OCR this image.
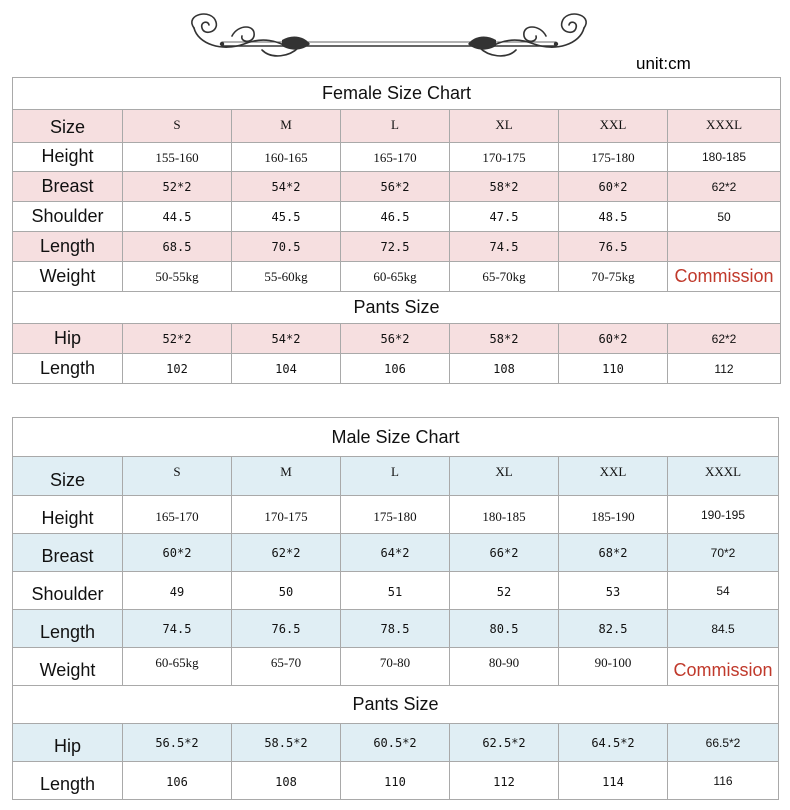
unit:cm
Female Size Chart						
Size	S	M	L	XL	XXL	XXXL
Height	155-160	160-165	165-170	170-175	175-180	180-185
Breast	52*2	54*2	56*2	58*2	60*2	62*2
Shoulder	44.5	45.5	46.5	47.5	48.5	50
Length	68.5	70.5	72.5	74.5	76.5	
Weight	50-55kg	55-60kg	60-65kg	65-70kg	70-75kg	Commission
Pants Size						
Hip	52*2	54*2	56*2	58*2	60*2	62*2
Length	102	104	106	108	110	112
Male Size Chart						
Size	S	M	L	XL	XXL	XXXL
Height	165-170	170-175	175-180	180-185	185-190	190-195
Breast	60*2	62*2	64*2	66*2	68*2	70*2
Shoulder	49	50	51	52	53	54
Length	74.5	76.5	78.5	80.5	82.5	84.5
Weight	60-65kg	65-70	70-80	80-90	90-100	Commission
Pants Size						
Hip	56.5*2	58.5*2	60.5*2	62.5*2	64.5*2	66.5*2
Length	106	108	110	112	114	116
